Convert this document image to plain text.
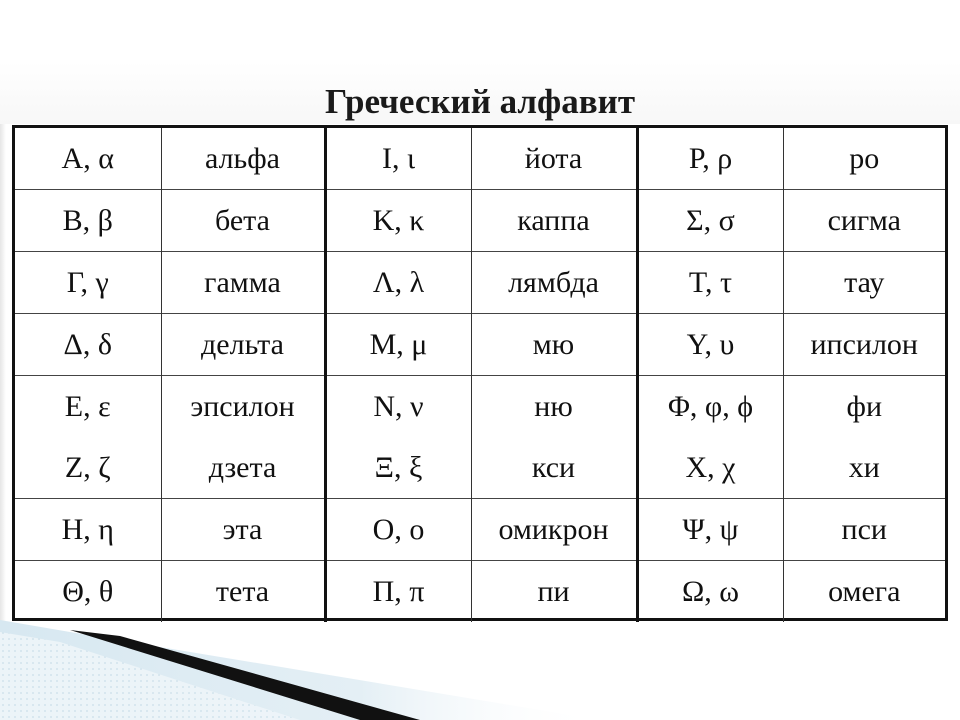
Греческий алфавит
А, α	альфа	Ι, ι	йота	Ρ, ρ	ро
Β, β	бета	Κ, κ	каппа	Σ, σ	сигма
Γ, γ	гамма	Λ, λ	лямбда	Τ, τ	тау
Δ, δ	дельта	Μ, μ	мю	Υ, υ	ипсилон
Ε, ε	эпсилон	Ν, ν	ню	Φ, φ, ϕ	фи
Ζ, ζ	дзета	Ξ, ξ	кси	Χ, χ	хи
Η, η	эта	Ο, ο	омикрон	Ψ, ψ	пси
Θ, θ	тета	Π, π	пи	Ω, ω	омега
